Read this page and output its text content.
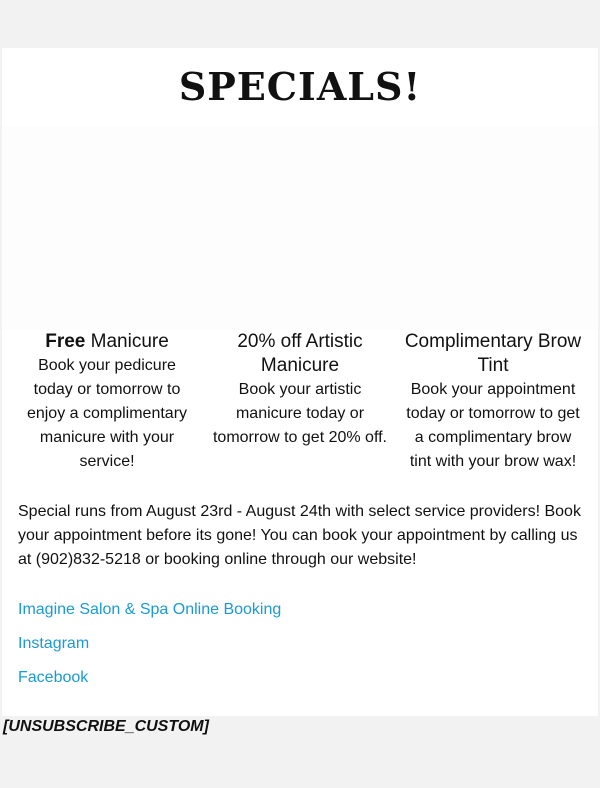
SPECIALS!
Free Manicure

Book your pedicure today or tomorrow to enjoy a complimentary manicure with your service!

20% off Artistic Manicure

Book your artistic manicure today or tomorrow to get 20% off.

Complimentary Brow Tint

Book your appointment today or tomorrow to get a complimentary brow tint with your brow wax!

Special runs from August 23rd - August 24th with select service providers! Book your appointment before its gone! You can book your appointment by calling us at (902)832-5218 or booking online through our website!

Imagine Salon & Spa Online Booking
Instagram
Facebook
[UNSUBSCRIBE_CUSTOM]
